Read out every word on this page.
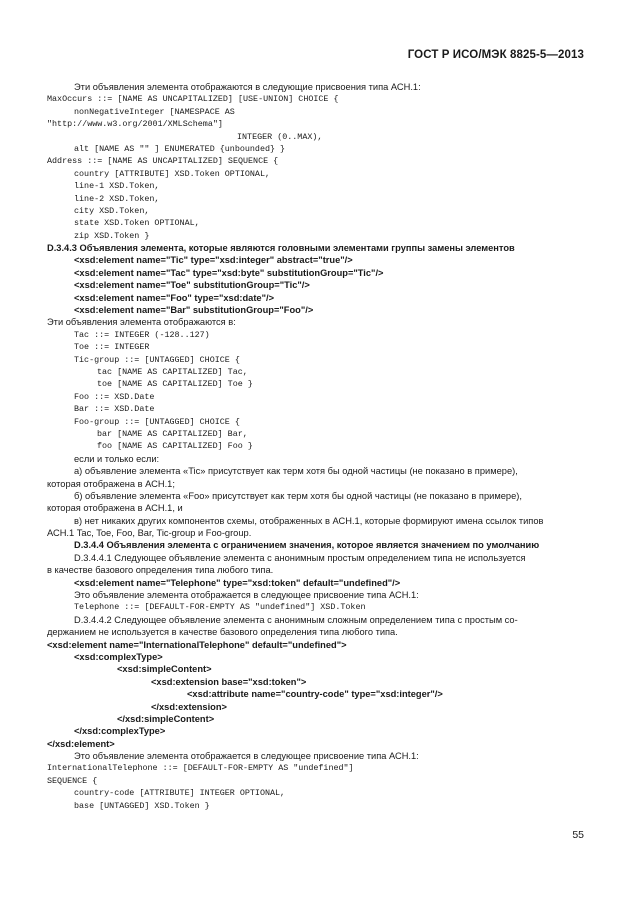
ГОСТ Р ИСО/МЭК 8825-5—2013
Эти объявления элемента отображаются в следующие присвоения типа АСН.1:
MaxOccurs ::= [NAME AS UNCAPITALIZED] [USE-UNION] CHOICE {
nonNegativeInteger [NAMESPACE AS
"http://www.w3.org/2001/XMLSchema"]
INTEGER (0..MAX),
alt [NAME AS "" ] ENUMERATED {unbounded} }
Address ::= [NAME AS UNCAPITALIZED] SEQUENCE {
country [ATTRIBUTE] XSD.Token OPTIONAL,
line-1 XSD.Token,
line-2 XSD.Token,
city XSD.Token,
state XSD.Token OPTIONAL,
zip XSD.Token }
D.3.4.3 Объявления элемента, которые являются головными элементами группы замены элементов
<xsd:element name="Tic" type="xsd:integer" abstract="true"/>
<xsd:element name="Tac" type="xsd:byte" substitutionGroup="Tic"/>
<xsd:element name="Toe" substitutionGroup="Tic"/>
<xsd:element name="Foo" type="xsd:date"/>
<xsd:element name="Bar" substitutionGroup="Foo"/>
Эти объявления элемента отображаются в:
Tac ::= INTEGER (-128..127)
Toe ::= INTEGER
Tic-group ::= [UNTAGGED] CHOICE {
tac [NAME AS CAPITALIZED] Tac,
toe [NAME AS CAPITALIZED] Toe }
Foo ::= XSD.Date
Bar ::= XSD.Date
Foo-group ::= [UNTAGGED] CHOICE {
bar [NAME AS CAPITALIZED] Bar,
foo [NAME AS CAPITALIZED] Foo }
если и только если:
а) объявление элемента «Tic» присутствует как терм хотя бы одной частицы (не показано в примере),
которая отображена в АСН.1;
б) объявление элемента «Foo» присутствует как терм хотя бы одной частицы (не показано в примере),
которая отображена в АСН.1, и
в) нет никаких других компонентов схемы, отображенных в АСН.1, которые формируют имена ссылок типов
АСН.1 Tac, Toe, Foo, Bar, Tic-group и Foo-group.
D.3.4.4 Объявления элемента с ограничением значения, которое является значением по умолчанию
D.3.4.4.1 Следующее объявление элемента с анонимным простым определением типа не используется
в качестве базового определения типа любого типа.
<xsd:element name="Telephone" type="xsd:token" default="undefined"/>
Это объявление элемента отображается в следующее присвоение типа АСН.1:
Telephone ::= [DEFAULT-FOR-EMPTY AS "undefined"] XSD.Token
D.3.4.4.2 Следующее объявление элемента с анонимным сложным определением типа с простым со-
держанием не используется в качестве базового определения типа любого типа.
<xsd:element name="InternationalTelephone" default="undefined">
<xsd:complexType>
<xsd:simpleContent>
<xsd:extension base="xsd:token">
<xsd:attribute name="country-code" type="xsd:integer"/>
</xsd:extension>
</xsd:simpleContent>
</xsd:complexType>
</xsd:element>
Это объявление элемента отображается в следующее присвоение типа АСН.1:
InternationalTelephone ::= [DEFAULT-FOR-EMPTY AS "undefined"]
SEQUENCE {
country-code [ATTRIBUTE] INTEGER OPTIONAL,
base [UNTAGGED] XSD.Token }
55
